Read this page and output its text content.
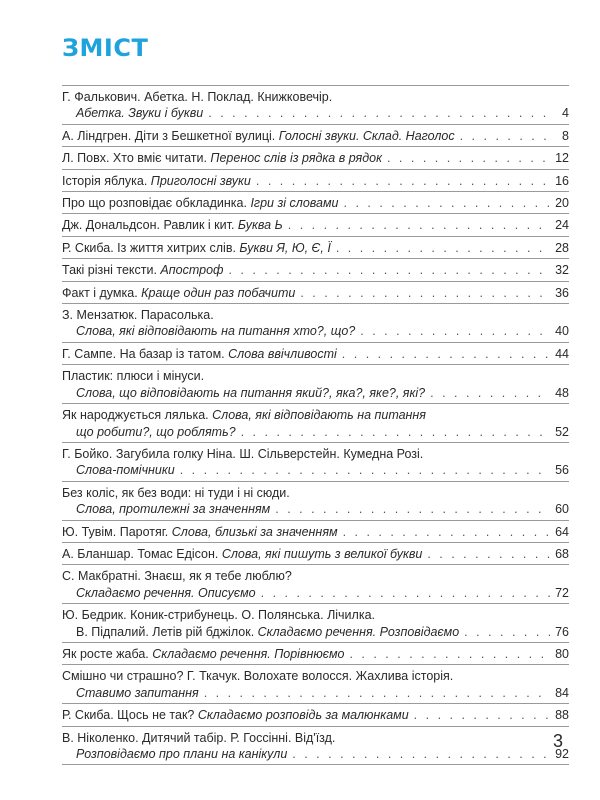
ЗМІСТ
Г. Фалькович. Абетка. Н. Поклад. Книжковечір.
Абетка. Звуки і букви . . .	4
А. Ліндгрен. Діти з Бешкетної вулиці. Голосні звуки. Склад. Наголос . . .	8
Л. Повх. Хто вміє читати. Перенос слів із рядка в рядок . . .	12
Історія яблука. Приголосні звуки . . .	16
Про що розповідає обкладинка. Ігри зі словами . . .	20
Дж. Дональдсон. Равлик і кит. Буква Ь . . .	24
Р. Скиба. Із життя хитрих слів. Букви Я, Ю, Є, Ї . . .	28
Такі різні тексти. Апостроф . . .	32
Факт і думка. Краще один раз побачити . . .	36
З. Мензатюк. Парасолька.
Слова, які відповідають на питання хто?, що? . . .	40
Г. Сампе. На базар із татом. Слова ввічливості . . .	44
Пластик: плюси і мінуси.
Слова, що відповідають на питання який?, яка?, яке?, які? . . .	48
Як народжується лялька. Слова, які відповідають на питання
що робити?, що роблять? . . .	52
Г. Бойко. Загубила голку Ніна. Ш. Сільверстейн. Кумедна Розі.
Слова-помічники . . .	56
Без коліс, як без води: ні туди і ні сюди.
Слова, протилежні за значенням . . .	60
Ю. Тувім. Паротяг. Слова, близькі за значенням . . .	64
А. Бланшар. Томас Едісон. Слова, які пишуть з великої букви . . .	68
С. Макбратні. Знаєш, як я тебе люблю?
Складаємо речення. Описуємо . . .	72
Ю. Бедрик. Коник-стрибунець. О. Полянська. Лічилка.
В. Підпалий. Летів рій бджілок. Складаємо речення. Розповідаємо . . .	76
Як росте жаба. Складаємо речення. Порівнюємо . . .	80
Смішно чи страшно? Г. Ткачук. Волохате волосся. Жахлива історія.
Ставимо запитання . . .	84
Р. Скиба. Щось не так? Складаємо розповідь за малюнками . . .	88
В. Ніколенко. Дитячий табір. Р. Госсінні. Від'їзд.
Розповідаємо про плани на канікули . . .	92
3
